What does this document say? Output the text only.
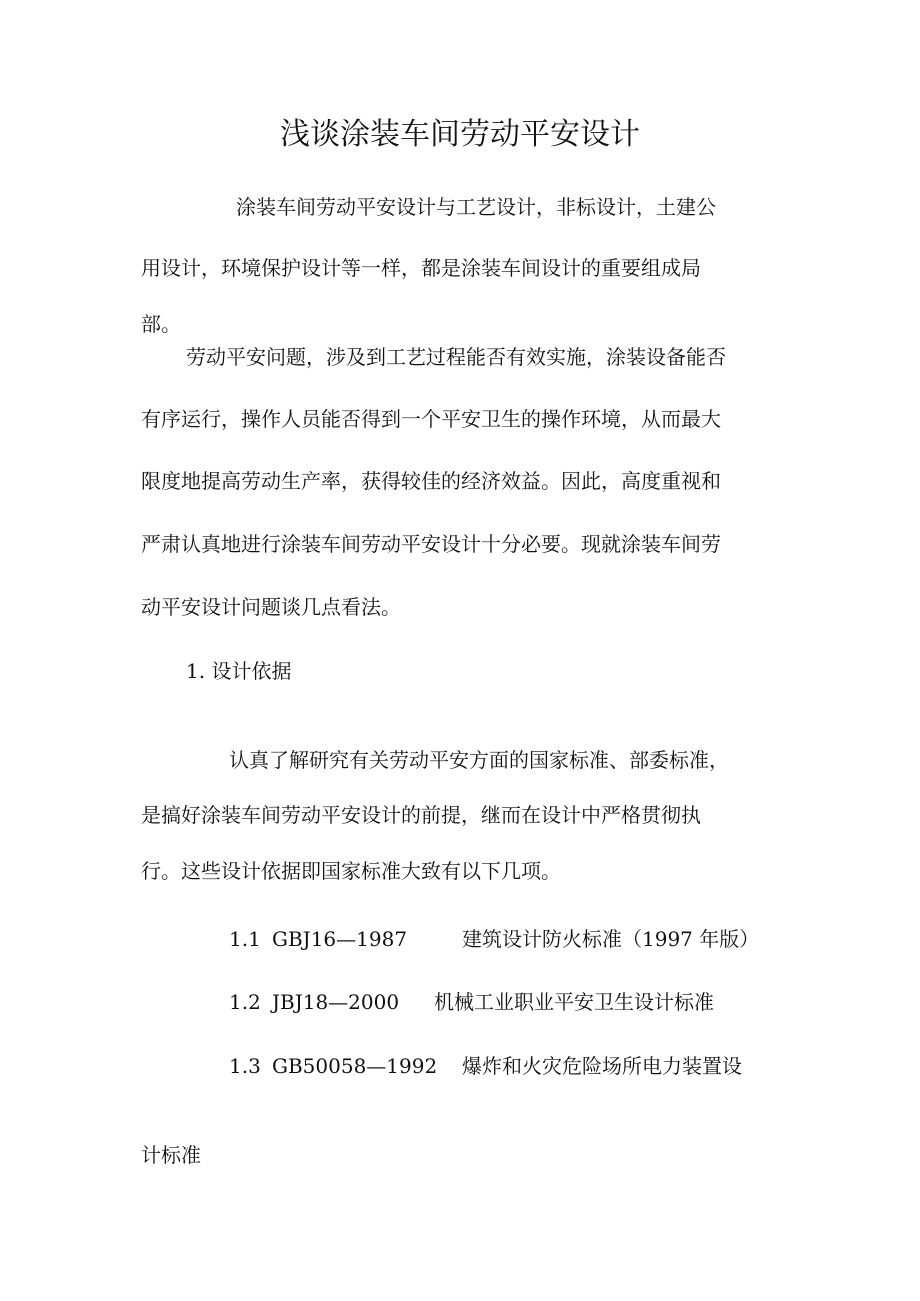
浅谈涂装车间劳动平安设计

涂装车间劳动平安设计与工艺设计，非标设计，土建公

用设计，环境保护设计等一样，都是涂装车间设计的重要组成局

部。

劳动平安问题，涉及到工艺过程能否有效实施，涂装设备能否

有序运行，操作人员能否得到一个平安卫生的操作环境，从而最大

限度地提高劳动生产率，获得较佳的经济效益。因此，高度重视和

严肃认真地进行涂装车间劳动平安设计十分必要。现就涂装车间劳

动平安设计问题谈几点看法。

1. 设计依据

认真了解研究有关劳动平安方面的国家标准、部委标准，

是搞好涂装车间劳动平安设计的前提，继而在设计中严格贯彻执

行。这些设计依据即国家标准大致有以下几项。

1.1 GBJ16—1987	建筑设计防火标准（1997 年版）
1.2 JBJ18—2000 机械工业职业平安卫生设计标准
1.3 GB50058—1992 爆炸和火灾危险场所电力装置设

计标准
